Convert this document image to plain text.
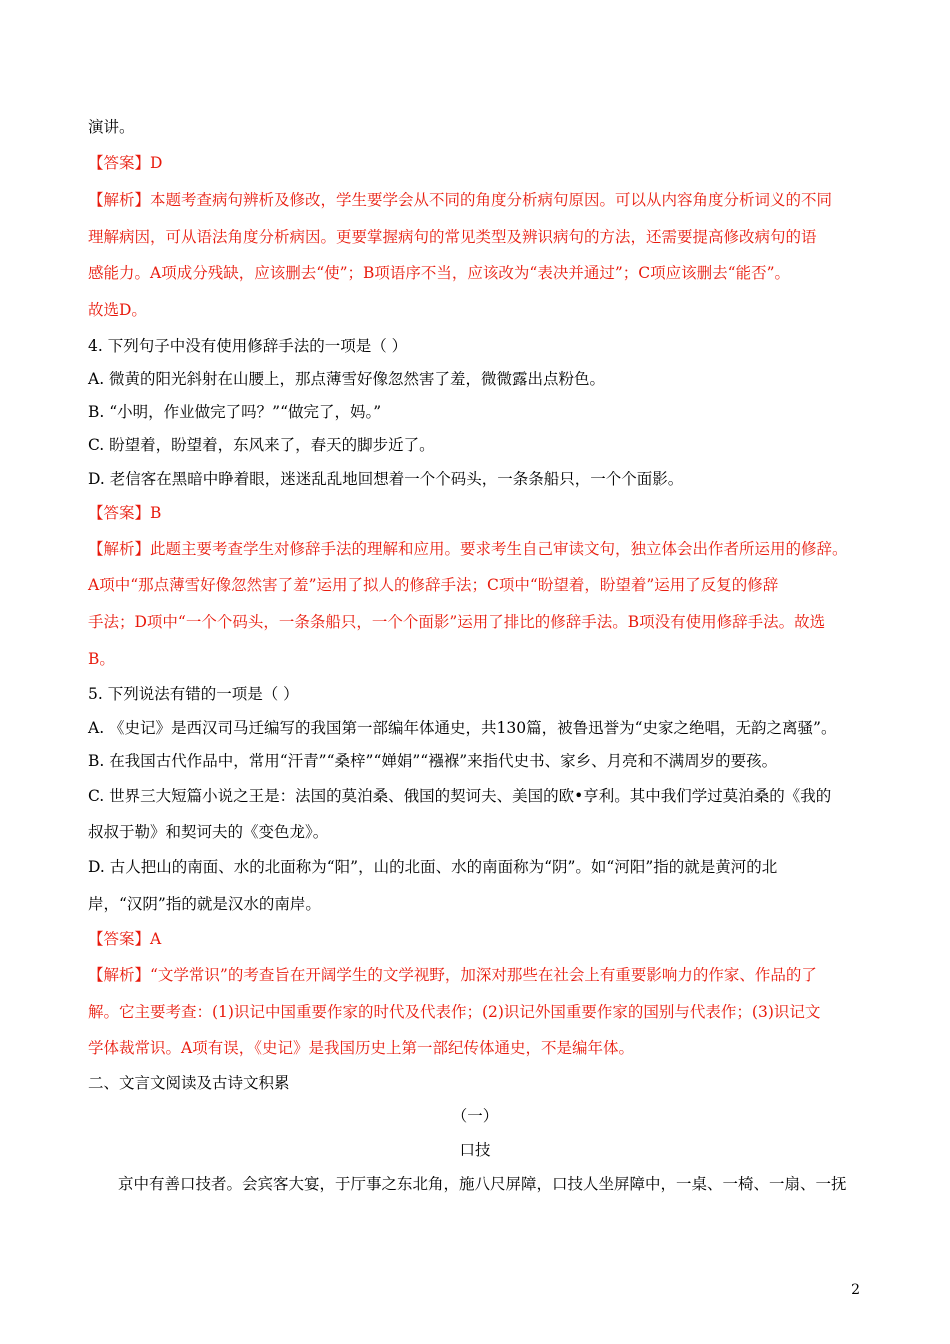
演讲。
【答案】D
【解析】本题考查病句辨析及修改，学生要学会从不同的角度分析病句原因。可以从内容角度分析词义的不同
理解病因，可从语法角度分析病因。更要掌握病句的常见类型及辨识病句的方法，还需要提高修改病句的语
感能力。A项成分残缺，应该删去“使”；B项语序不当，应该改为“表决并通过”；C项应该删去“能否”。
故选D。
4. 下列句子中没有使用修辞手法的一项是（ ）
A. 微黄的阳光斜射在山腰上，那点薄雪好像忽然害了羞，微微露出点粉色。
B. “小明，作业做完了吗？”“做完了，妈。”
C. 盼望着，盼望着，东风来了，春天的脚步近了。
D. 老信客在黑暗中睁着眼，迷迷乱乱地回想着一个个码头，一条条船只，一个个面影。
【答案】B
【解析】此题主要考查学生对修辞手法的理解和应用。要求考生自己审读文句，独立体会出作者所运用的修辞。
A项中“那点薄雪好像忽然害了羞”运用了拟人的修辞手法；C项中“盼望着，盼望着”运用了反复的修辞
手法；D项中“一个个码头，一条条船只，一个个面影”运用了排比的修辞手法。B项没有使用修辞手法。故选
B。
5. 下列说法有错的一项是（ ）
A. 《史记》是西汉司马迁编写的我国第一部编年体通史，共130篇，被鲁迅誉为“史家之绝唱，无韵之离骚”。
B. 在我国古代作品中，常用“汗青”“桑梓”“婵娟”“襁褓”来指代史书、家乡、月亮和不满周岁的要孩。
C. 世界三大短篇小说之王是：法国的莫泊桑、俄国的契诃夫、美国的欧•亨利。其中我们学过莫泊桑的《我的
叔叔于勒》和契诃夫的《变色龙》。
D. 古人把山的南面、水的北面称为“阳”，山的北面、水的南面称为“阴”。如“河阳”指的就是黄河的北
岸，“汉阴”指的就是汉水的南岸。
【答案】A
【解析】“文学常识”的考查旨在开阔学生的文学视野，加深对那些在社会上有重要影响力的作家、作品的了
解。它主要考查：(1)识记中国重要作家的时代及代表作；(2)识记外国重要作家的国别与代表作；(3)识记文
学体裁常识。A项有误，《史记》是我国历史上第一部纪传体通史，不是编年体。
二、文言文阅读及古诗文积累
（一）
口技
京中有善口技者。会宾客大宴，于厅事之东北角，施八尺屏障，口技人坐屏障中，一桌、一椅、一扇、一抚
2
